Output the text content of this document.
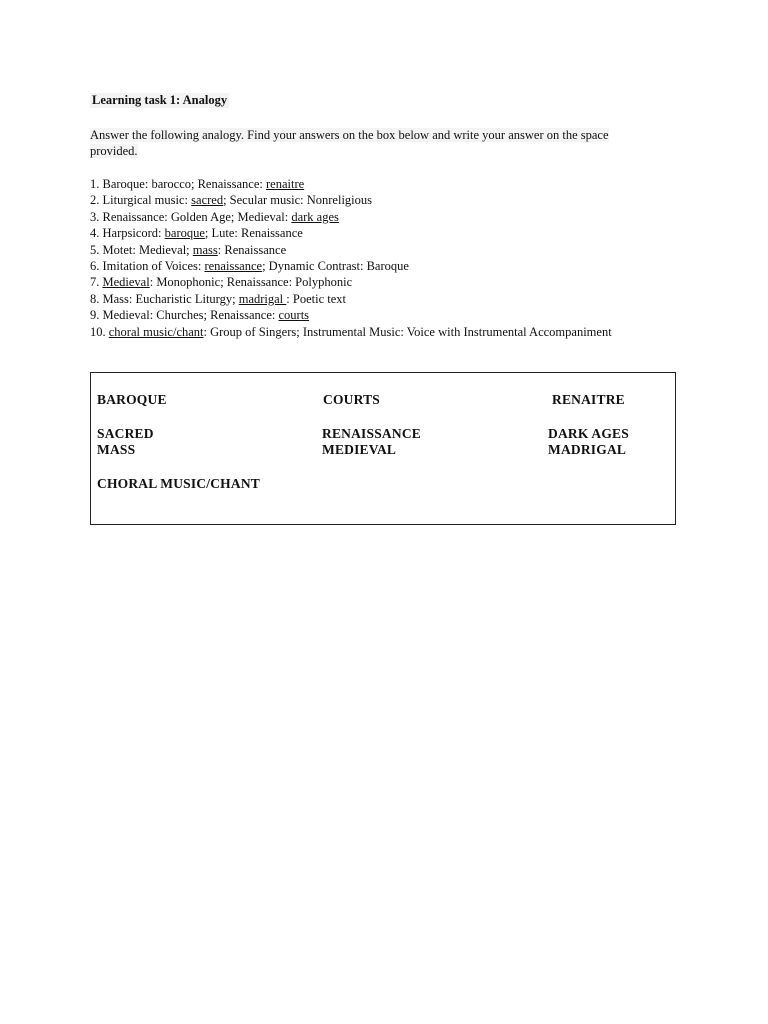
Learning task 1: Analogy
Answer the following analogy. Find your answers on the box below and write your answer on the space provided.
1. Baroque: barocco; Renaissance: renaitre
2. Liturgical music: sacred; Secular music: Nonreligious
3. Renaissance: Golden Age; Medieval: dark ages
4. Harpsicord: baroque; Lute: Renaissance
5. Motet: Medieval; mass: Renaissance
6. Imitation of Voices: renaissance; Dynamic Contrast: Baroque
7. Medieval: Monophonic; Renaissance: Polyphonic
8. Mass: Eucharistic Liturgy; madrigal : Poetic text
9. Medieval: Churches; Renaissance: courts
10. choral music/chant: Group of Singers; Instrumental Music: Voice with Instrumental Accompaniment
BAROQUE	COURTS	RENAITRE
SACRED	RENAISSANCE	DARK AGES
MASS	MEDIEVAL	MADRIGAL
CHORAL MUSIC/CHANT
